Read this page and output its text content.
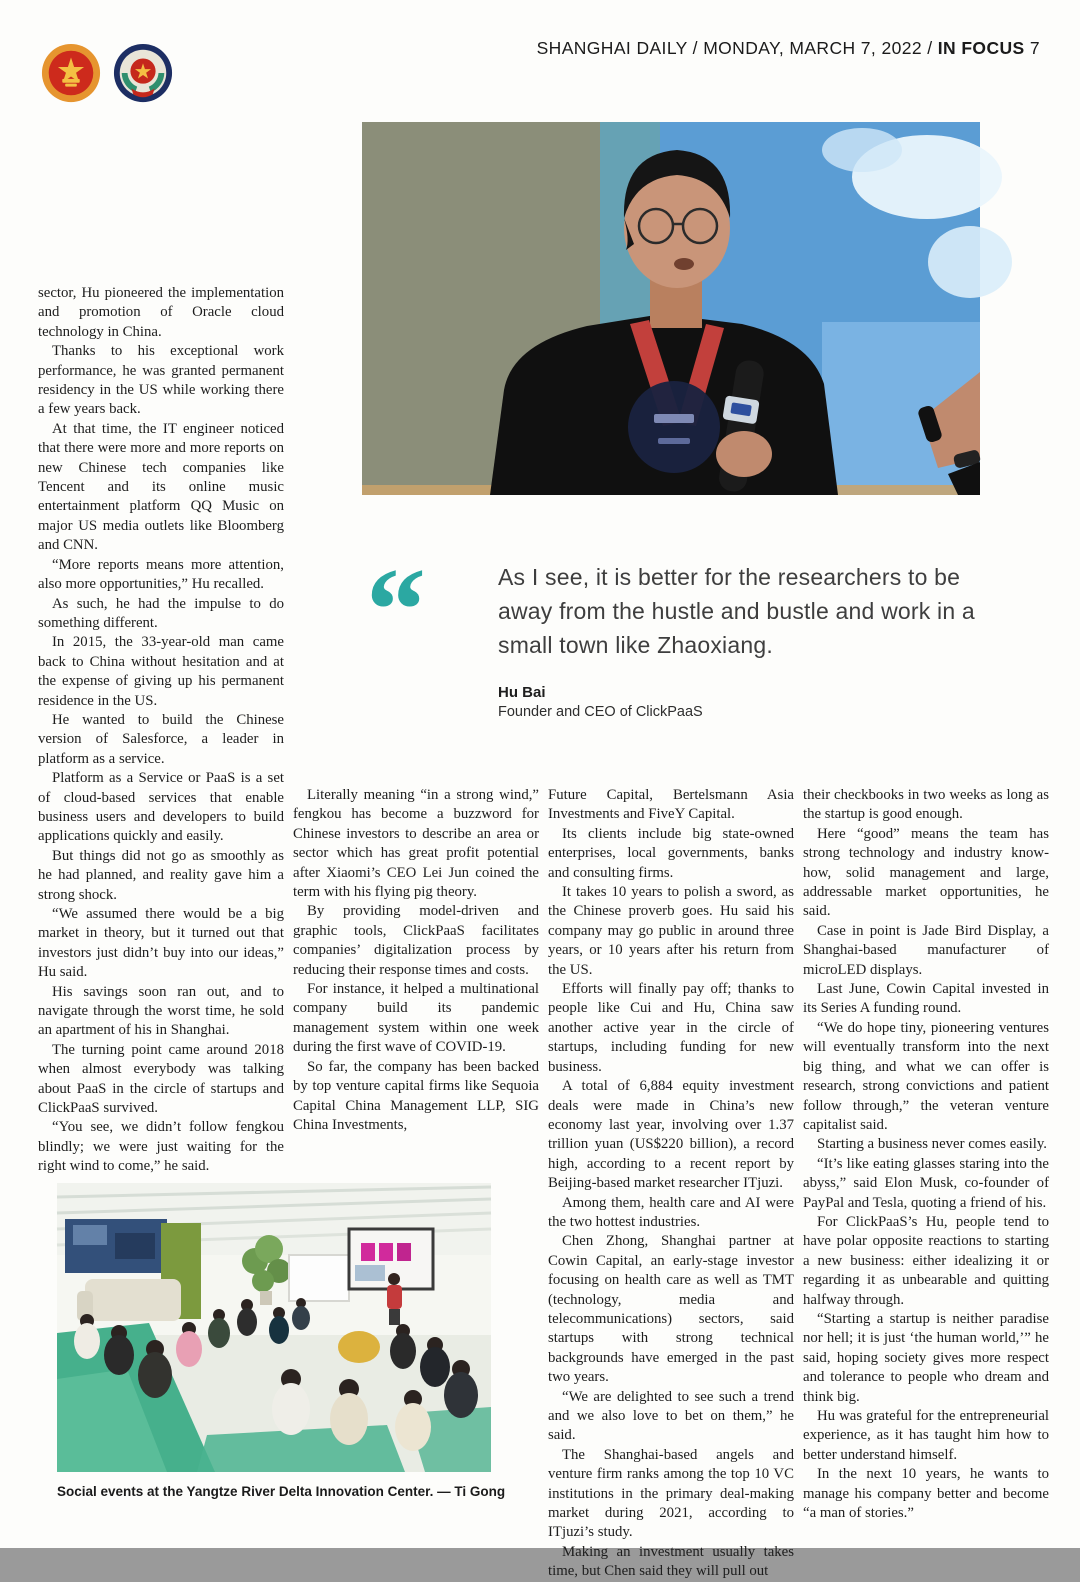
SHANGHAI DAILY / MONDAY, MARCH 7, 2022 / IN FOCUS 7
“	As I see, it is better for the researchers to be away from the hustle and bustle and work in a small town like Zhaoxiang.

Hu Bai
Founder and CEO of ClickPaaS

sector, Hu pioneered the implementation and promotion of Oracle cloud technology in China.

Thanks to his exceptional work performance, he was granted permanent residency in the US while working there a few years back.

At that time, the IT engineer noticed that there were more and more reports on new Chinese tech companies like Tencent and its online music entertainment platform QQ Music on major US media outlets like Bloomberg and CNN.

“More reports means more attention, also more opportunities,” Hu recalled.

As such, he had the impulse to do something different.

In 2015, the 33-year-old man came back to China without hesitation and at the expense of giving up his permanent residence in the US.

He wanted to build the Chinese version of Salesforce, a leader in platform as a service.

Platform as a Service or PaaS is a set of cloud-based services that enable business users and developers to build applications quickly and easily.

But things did not go as smoothly as he had planned, and reality gave him a strong shock.

“We assumed there would be a big market in theory, but it turned out that investors just didn’t buy into our ideas,” Hu said.

His savings soon ran out, and to navigate through the worst time, he sold an apartment of his in Shanghai.

The turning point came around 2018 when almost everybody was talking about PaaS in the circle of startups and ClickPaaS survived.

“You see, we didn’t follow fengkou blindly; we were just waiting for the right wind to come,” he said.

Literally meaning “in a strong wind,” fengkou has become a buzzword for Chinese investors to describe an area or sector which has great profit potential after Xiaomi’s CEO Lei Jun coined the term with his flying pig theory.

By providing model-driven and graphic tools, ClickPaaS facilitates companies’ digitalization process by reducing their response times and costs.

For instance, it helped a multinational company build its pandemic management system within one week during the first wave of COVID-19.

So far, the company has been backed by top venture capital firms like Sequoia Capital China Management LLP, SIG China Investments,

Future Capital, Bertelsmann Asia Investments and FiveY Capital.

Its clients include big state-owned enterprises, local governments, banks and consulting firms.

It takes 10 years to polish a sword, as the Chinese proverb goes. Hu said his company may go public in around three years, or 10 years after his return from the US.

Efforts will finally pay off; thanks to people like Cui and Hu, China saw another active year in the circle of startups, including funding for new business.

A total of 6,884 equity investment deals were made in China’s new economy last year, involving over 1.37 trillion yuan (US$220 billion), a record high, according to a recent report by Beijing-based market researcher ITjuzi.

Among them, health care and AI were the two hottest industries.

Chen Zhong, Shanghai partner at Cowin Capital, an early-stage investor focusing on health care as well as TMT (technology, media and telecommunications) sectors, said startups with strong technical backgrounds have emerged in the past two years.

“We are delighted to see such a trend and we also love to bet on them,” he said.

The Shanghai-based angels and venture firm ranks among the top 10 VC institutions in the primary deal-making market during 2021, according to ITjuzi’s study.

Making an investment usually takes time, but Chen said they will pull out

their checkbooks in two weeks as long as the startup is good enough.

Here “good” means the team has strong technology and industry know-how, solid management and large, addressable market opportunities, he said.

Case in point is Jade Bird Display, a Shanghai-based manufacturer of microLED displays.

Last June, Cowin Capital invested in its Series A funding round.

“We do hope tiny, pioneering ventures will eventually transform into the next big thing, and what we can offer is research, strong convictions and patient follow through,” the veteran venture capitalist said.

Starting a business never comes easily.

“It’s like eating glasses staring into the abyss,” said Elon Musk, co-founder of PayPal and Tesla, quoting a friend of his.

For ClickPaaS’s Hu, people tend to have polar opposite reactions to starting a new business: either idealizing it or regarding it as unbearable and quitting halfway through.

“Starting a startup is neither paradise nor hell; it is just ‘the human world,’” he said, hoping society gives more respect and tolerance to people who dream and think big.

Hu was grateful for the entrepreneurial experience, as it has taught him how to better understand himself.

In the next 10 years, he wants to manage his company better and become “a man of stories.”

Social events at the Yangtze River Delta Innovation Center. — Ti Gong
